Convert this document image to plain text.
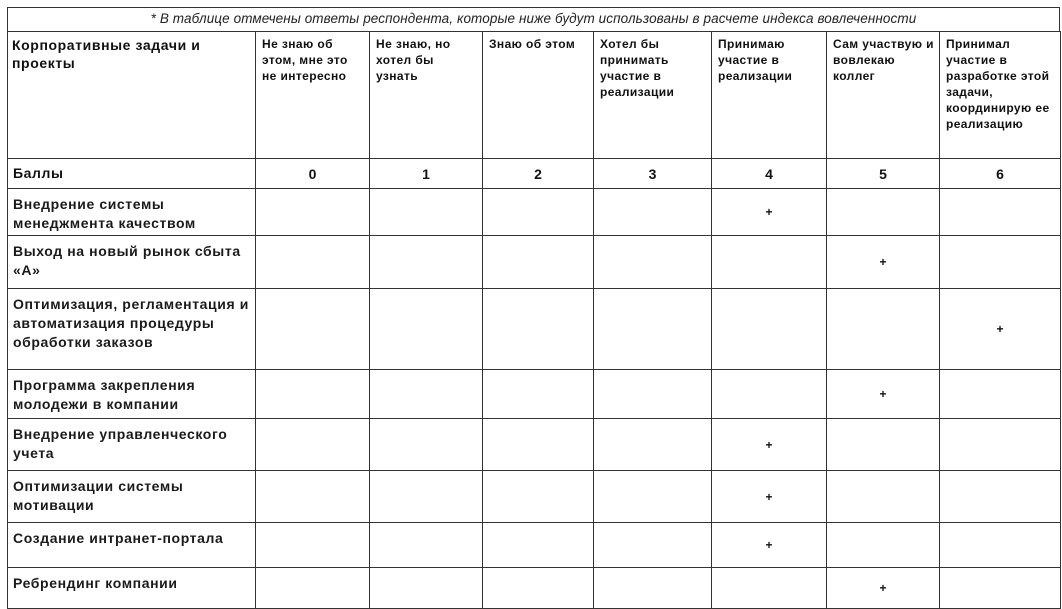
* В таблице отмечены ответы респондента, которые ниже будут использованы в расчете индекса вовлеченности
Корпоративные задачи и проекты	Не знаю об этом, мне это не интересно	Не знаю, но хотел бы узнать	Знаю об этом	Хотел бы принимать участие в реализации	Принимаю участие в реализации	Сам участвую и вовлекаю коллег	Принимал участие в разработке этой задачи, координирую ее реализацию
Баллы	0	1	2	3	4	5	6
Внедрение системы менеджмента качеством					+		
Выход на новый рынок сбыта «А»						+	
Оптимизация, регламентация и автоматизация процедуры обработки заказов							+
Программа закрепления молодежи в компании						+	
Внедрение управленческого учета					+		
Оптимизации системы мотивации					+		
Создание интранет-портала					+		
Ребрендинг компании						+	
